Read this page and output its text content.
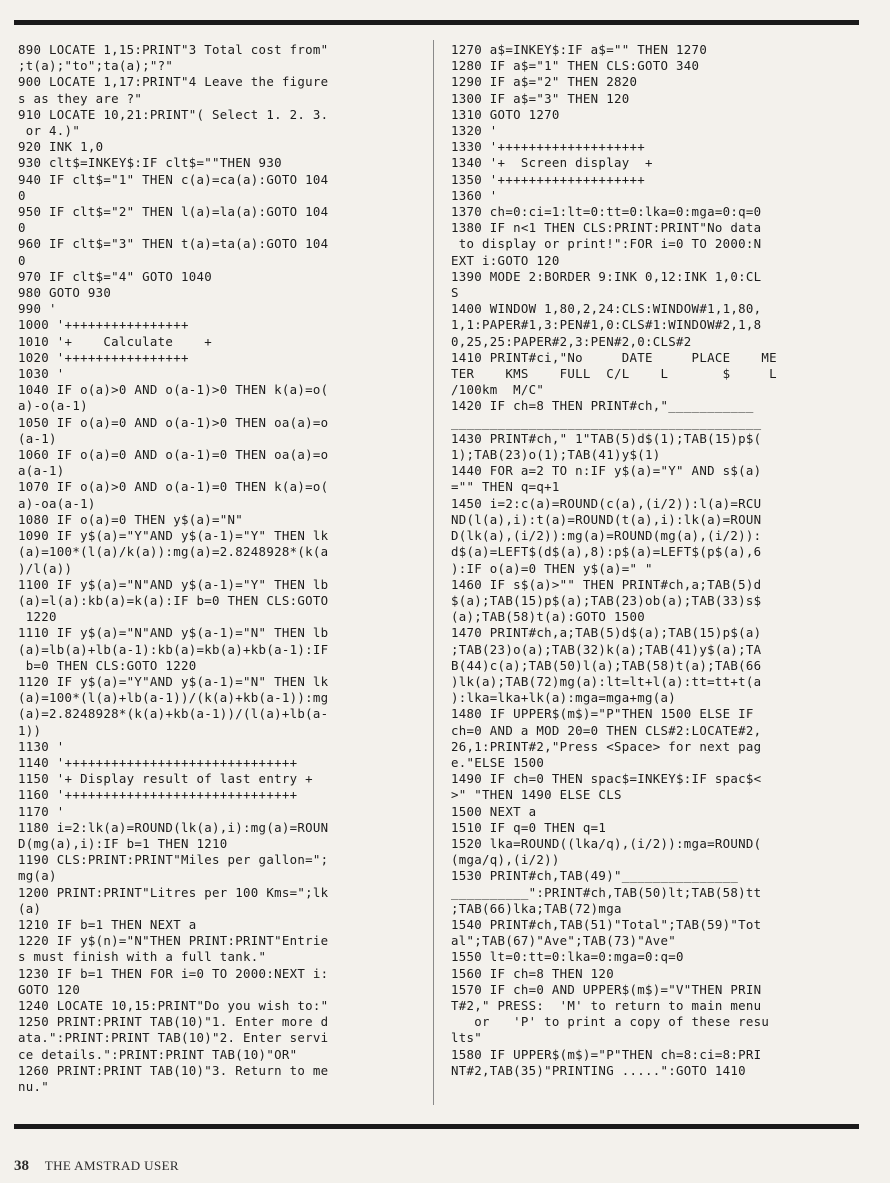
890 LOCATE 1,15:PRINT"3 Total cost from"
;t(a);"to";ta(a);"?"
900 LOCATE 1,17:PRINT"4 Leave the figure
s as they are ?"
910 LOCATE 10,21:PRINT"( Select 1. 2. 3.
or 4.)"
920 INK 1,0
930 clt$=INKEY$:IF clt$=""THEN 930
940 IF clt$="1" THEN c(a)=ca(a):GOTO 104
0
950 IF clt$="2" THEN l(a)=la(a):GOTO 104
0
960 IF clt$="3" THEN t(a)=ta(a):GOTO 104
0
970 IF clt$="4" GOTO 1040
980 GOTO 930
990 '
1000 '++++++++++++++++
1010 '+    Calculate    +
1020 '++++++++++++++++
1030 '
1040 IF o(a)>0 AND o(a-1)>0 THEN k(a)=o(
a)-o(a-1)
1050 IF o(a)=0 AND o(a-1)>0 THEN oa(a)=o
(a-1)
1060 IF o(a)=0 AND o(a-1)=0 THEN oa(a)=o
a(a-1)
1070 IF o(a)>0 AND o(a-1)=0 THEN k(a)=o(
a)-oa(a-1)
1080 IF o(a)=0 THEN y$(a)="N"
1090 IF y$(a)="Y"AND y$(a-1)="Y" THEN lk
(a)=100*(l(a)/k(a)):mg(a)=2.8248928*(k(a
)/l(a))
1100 IF y$(a)="N"AND y$(a-1)="Y" THEN lb
(a)=l(a):kb(a)=k(a):IF b=0 THEN CLS:GOTO
1220
1110 IF y$(a)="N"AND y$(a-1)="N" THEN lb
(a)=lb(a)+lb(a-1):kb(a)=kb(a)+kb(a-1):IF
b=0 THEN CLS:GOTO 1220
1120 IF y$(a)="Y"AND y$(a-1)="N" THEN lk
(a)=100*(l(a)+lb(a-1))/(k(a)+kb(a-1)):mg
(a)=2.8248928*(k(a)+kb(a-1))/(l(a)+lb(a-
1))
1130 '
1140 '++++++++++++++++++++++++++++++
1150 '+ Display result of last entry +
1160 '++++++++++++++++++++++++++++++
1170 '
1180 i=2:lk(a)=ROUND(lk(a),i):mg(a)=ROUN
D(mg(a),i):IF b=1 THEN 1210
1190 CLS:PRINT:PRINT"Miles per gallon=";
mg(a)
1200 PRINT:PRINT"Litres per 100 Kms=";lk
(a)
1210 IF b=1 THEN NEXT a
1220 IF y$(n)="N"THEN PRINT:PRINT"Entrie
s must finish with a full tank."
1230 IF b=1 THEN FOR i=0 TO 2000:NEXT i:
GOTO 120
1240 LOCATE 10,15:PRINT"Do you wish to:"
1250 PRINT:PRINT TAB(10)"1. Enter more d
ata.":PRINT:PRINT TAB(10)"2. Enter servi
ce details.":PRINT:PRINT TAB(10)"OR"
1260 PRINT:PRINT TAB(10)"3. Return to me
nu."
1270 a$=INKEY$:IF a$="" THEN 1270
1280 IF a$="1" THEN CLS:GOTO 340
1290 IF a$="2" THEN 2820
1300 IF a$="3" THEN 120
1310 GOTO 1270
1320 '
1330 '+++++++++++++++++++
1340 '+  Screen display  +
1350 '+++++++++++++++++++
1360 '
1370 ch=0:ci=1:lt=0:tt=0:lka=0:mga=0:q=0
1380 IF n<1 THEN CLS:PRINT:PRINT"No data
to display or print!":FOR i=0 TO 2000:N
EXT i:GOTO 120
1390 MODE 2:BORDER 9:INK 0,12:INK 1,0:CL
S
1400 WINDOW 1,80,2,24:CLS:WINDOW#1,1,80,
1,1:PAPER#1,3:PEN#1,0:CLS#1:WINDOW#2,1,8
0,25,25:PAPER#2,3:PEN#2,0:CLS#2
1410 PRINT#ci,"No     DATE     PLACE    ME
TER    KMS    FULL  C/L    L       $     L
/100km  M/C"
1420 IF ch=8 THEN PRINT#ch,"___________
________________________________________
1430 PRINT#ch," 1"TAB(5)d$(1);TAB(15)p$(
1);TAB(23)o(1);TAB(41)y$(1)
1440 FOR a=2 TO n:IF y$(a)="Y" AND s$(a)
="" THEN q=q+1
1450 i=2:c(a)=ROUND(c(a),(i/2)):l(a)=RCU
ND(l(a),i):t(a)=ROUND(t(a),i):lk(a)=ROUN
D(lk(a),(i/2)):mg(a)=ROUND(mg(a),(i/2)):
d$(a)=LEFT$(d$(a),8):p$(a)=LEFT$(p$(a),6
):IF o(a)=0 THEN y$(a)=" "
1460 IF s$(a)>"" THEN PRINT#ch,a;TAB(5)d
$(a);TAB(15)p$(a);TAB(23)ob(a);TAB(33)s$
(a);TAB(58)t(a):GOTO 1500
1470 PRINT#ch,a;TAB(5)d$(a);TAB(15)p$(a)
;TAB(23)o(a);TAB(32)k(a);TAB(41)y$(a);TA
B(44)c(a);TAB(50)l(a);TAB(58)t(a);TAB(66
)lk(a);TAB(72)mg(a):lt=lt+l(a):tt=tt+t(a
):lka=lka+lk(a):mga=mga+mg(a)
1480 IF UPPER$(m$)="P"THEN 1500 ELSE IF
ch=0 AND a MOD 20=0 THEN CLS#2:LOCATE#2,
26,1:PRINT#2,"Press <Space> for next pag
e."ELSE 1500
1490 IF ch=0 THEN spac$=INKEY$:IF spac$<
>" "THEN 1490 ELSE CLS
1500 NEXT a
1510 IF q=0 THEN q=1
1520 lka=ROUND((lka/q),(i/2)):mga=ROUND(
(mga/q),(i/2))
1530 PRINT#ch,TAB(49)"_______________
__________":PRINT#ch,TAB(50)lt;TAB(58)tt
;TAB(66)lka;TAB(72)mga
1540 PRINT#ch,TAB(51)"Total";TAB(59)"Tot
al";TAB(67)"Ave";TAB(73)"Ave"
1550 lt=0:tt=0:lka=0:mga=0:q=0
1560 IF ch=8 THEN 120
1570 IF ch=0 AND UPPER$(m$)="V"THEN PRIN
T#2," PRESS:  'M' to return to main menu
or   'P' to print a copy of these resu
lts"
1580 IF UPPER$(m$)="P"THEN ch=8:ci=8:PRI
NT#2,TAB(35)"PRINTING .....":GOTO 1410
38 THE AMSTRAD USER
